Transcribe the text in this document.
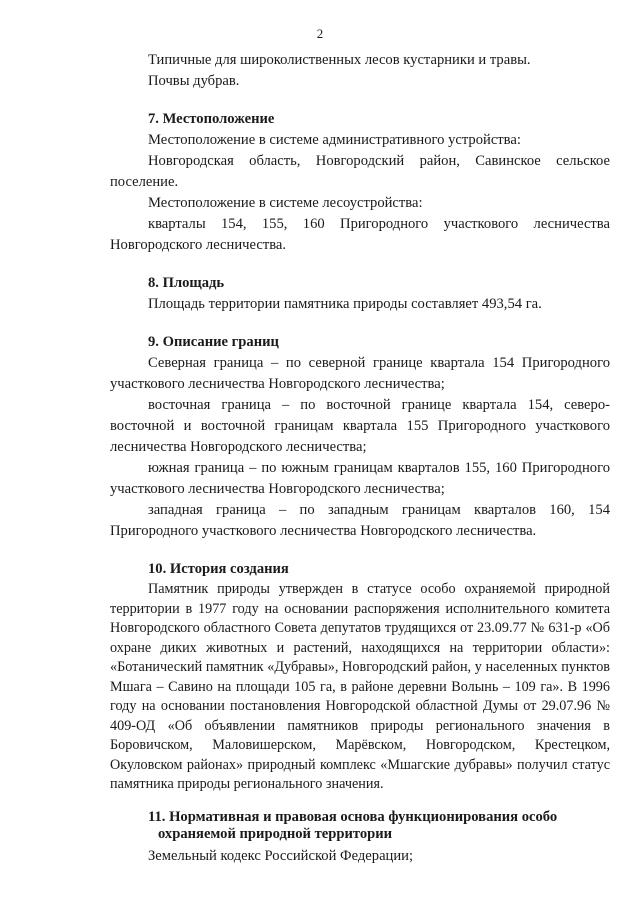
2

Типичные для широколиственных лесов кустарники и травы.

Почвы дубрав.

7. Местоположение

Местоположение в системе административного устройства:

Новгородская область, Новгородский район, Савинское сельское поселение.

Местоположение в системе лесоустройства:

кварталы 154, 155, 160 Пригородного участкового лесничества Новгородского лесничества.

8. Площадь

Площадь территории памятника природы составляет 493,54 га.

9. Описание границ

Северная граница – по северной границе квартала 154 Пригородного участкового лесничества Новгородского лесничества;

восточная граница – по восточной границе квартала 154, северо-восточной и восточной границам квартала 155 Пригородного участкового лесничества Новгородского лесничества;

южная граница – по южным границам кварталов 155, 160 Пригородного участкового лесничества Новгородского лесничества;

западная граница – по западным границам кварталов 160, 154 Пригородного участкового лесничества Новгородского лесничества.

10. История создания

Памятник природы утвержден в статусе особо охраняемой природной территории в 1977 году на основании распоряжения исполнительного комитета Новгородского областного Совета депутатов трудящихся от 23.09.77 № 631-р «Об охране диких животных и растений, находящихся на территории области»: «Ботанический памятник «Дубравы», Новгородский район, у населенных пунктов Мшага – Савино на площади 105 га, в районе деревни Волынь – 109 га». В 1996 году на основании постановления Новгородской областной Думы от 29.07.96 № 409-ОД «Об объявлении памятников природы регионального значения в Боровичском, Маловишерском, Марёвском, Новгородском, Крестецком, Окуловском районах» природный комплекс «Мшагские дубравы» получил статус памятника природы регионального значения.

11. Нормативная и правовая основа функционирования особо
охраняемой природной территории

Земельный кодекс Российской Федерации;
